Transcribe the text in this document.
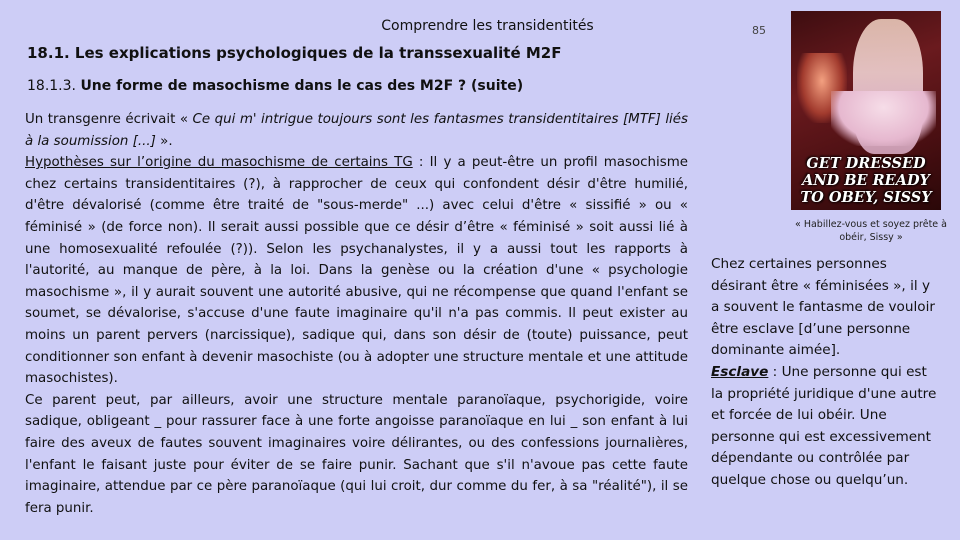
Comprendre les transidentités	85
18.1. Les explications psychologiques de la transsexualité M2F
18.1.3. Une forme de masochisme dans le cas des M2F ? (suite)

Un transgenre écrivait « Ce qui m' intrigue toujours sont les fantasmes transidentitaires [MTF] liés à la soumission [...] ».

Hypothèses sur l’origine du masochisme de certains TG : Il y a peut-être un profil masochisme chez certains transidentitaires (?), à rapprocher de ceux qui confondent désir d'être humilié, d'être dévalorisé (comme être traité de "sous-merde" ...) avec celui d'être « sissifié » ou « féminisé » (de force non). Il serait aussi possible que ce désir d’être « féminisé » soit aussi lié à une homosexualité refoulée (?)). Selon les psychanalystes, il y a aussi tout les rapports à l'autorité, au manque de père, à la loi. Dans la genèse ou la création d'une « psychologie masochisme », il y aurait souvent une autorité abusive, qui ne récompense que quand l'enfant se soumet, se dévalorise, s'accuse d'une faute imaginaire qu'il n'a pas commis. Il peut exister au moins un parent pervers (narcissique), sadique qui, dans son désir de (toute) puissance, peut conditionner son enfant à devenir masochiste (ou à adopter une structure mentale et une attitude masochistes).

Ce parent peut, par ailleurs, avoir une structure mentale paranoïaque, psychorigide, voire sadique, obligeant _ pour rassurer face à une forte angoisse paranoïaque en lui _ son enfant à lui faire des aveux de fautes souvent imaginaires voire délirantes, ou des confessions journalières, l'enfant le faisant juste pour éviter de se faire punir. Sachant que s'il n'avoue pas cette faute imaginaire, attendue par ce père paranoïaque (qui lui croit, dur comme du fer, à sa "réalité"), il se fera punir.

GET DRESSED AND BE READY TO OBEY, SISSY
« Habillez-vous et soyez prête à obéir, Sissy »

Chez certaines personnes désirant être « féminisées », il y a souvent le fantasme de vouloir être esclave [d’une personne dominante aimée].

Esclave : Une personne qui est la propriété juridique d'une autre et forcée de lui obéir. Une personne qui est excessivement dépendante ou contrôlée par quelque chose ou quelqu’un.
